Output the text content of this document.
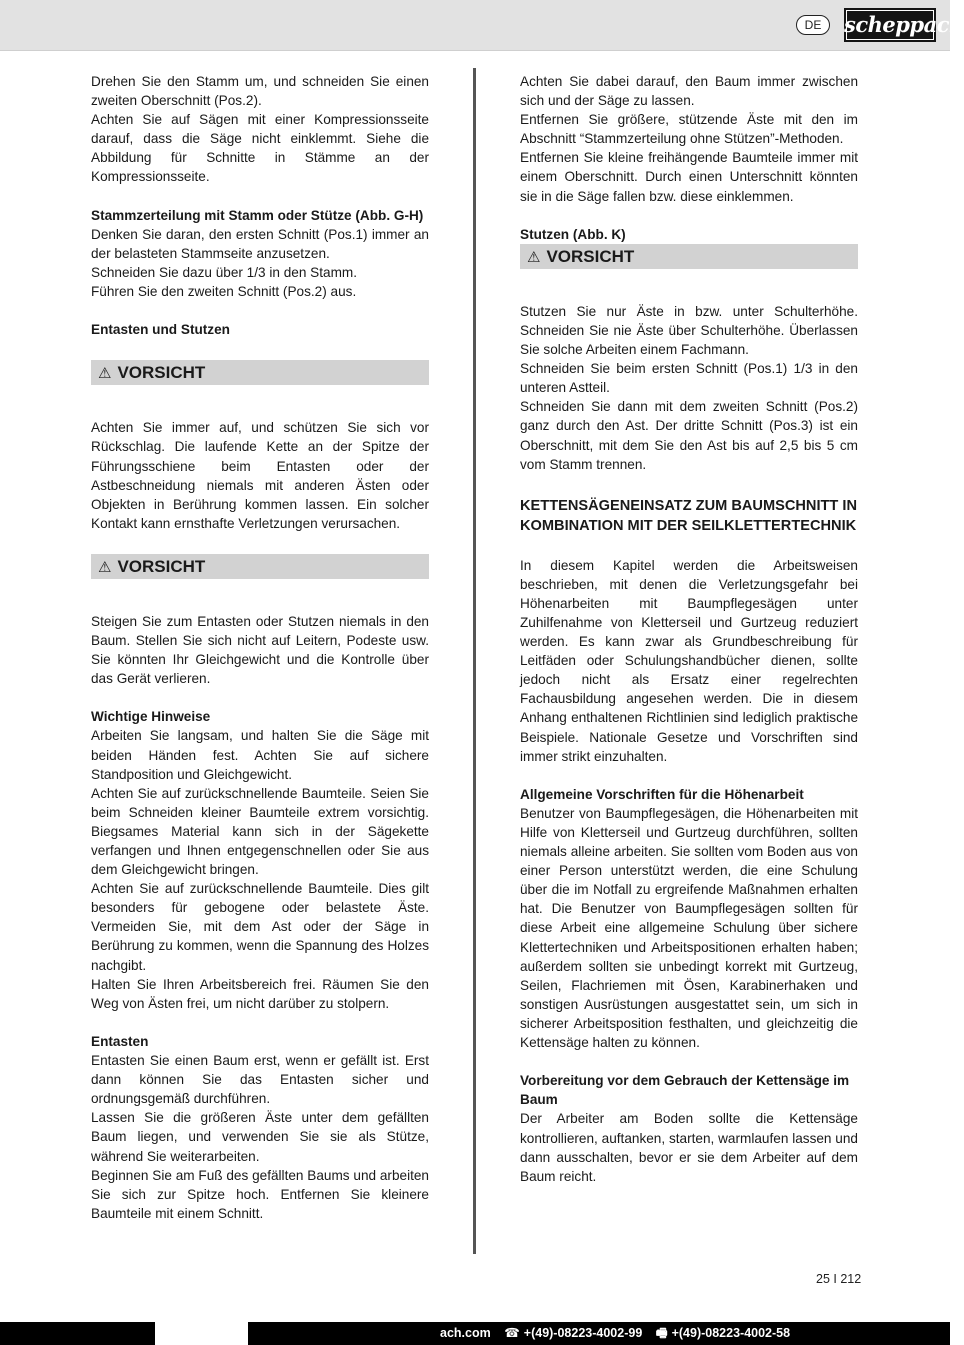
DE	scheppach

Drehen Sie den Stamm um, und schneiden Sie einen zweiten Oberschnitt (Pos.2).

Achten Sie auf Sägen mit einer Kompressionsseite darauf, dass die Säge nicht einklemmt. Siehe die Abbildung für Schnitte in Stämme an der Kompressionsseite.

Stammzerteilung mit Stamm oder Stütze (Abb. G-H)

Denken Sie daran, den ersten Schnitt (Pos.1) immer an der belasteten Stammseite anzusetzen.

Schneiden Sie dazu über 1/3 in den Stamm.

Führen Sie den zweiten Schnitt (Pos.2) aus.

Entasten und Stutzen

⚠ VORSICHT

Achten Sie immer auf, und schützen Sie sich vor Rückschlag. Die laufende Kette an der Spitze der Führungsschiene beim Entasten oder der Astbeschneidung niemals mit anderen Ästen oder Objekten in Berührung kommen lassen. Ein solcher Kontakt kann ernsthafte Verletzungen verursachen.

⚠ VORSICHT

Steigen Sie zum Entasten oder Stutzen niemals in den Baum. Stellen Sie sich nicht auf Leitern, Podeste usw. Sie könnten Ihr Gleichgewicht und die Kontrolle über das Gerät verlieren.

Wichtige Hinweise

Arbeiten Sie langsam, und halten Sie die Säge mit beiden Händen fest. Achten Sie auf sichere Standposition und Gleichgewicht.

Achten Sie auf zurückschnellende Baumteile. Seien Sie beim Schneiden kleiner Baumteile extrem vorsichtig. Biegsames Material kann sich in der Sägekette verfangen und Ihnen entgegenschnellen oder Sie aus dem Gleichgewicht bringen.

Achten Sie auf zurückschnellende Baumteile. Dies gilt besonders für gebogene oder belastete Äste. Vermeiden Sie, mit dem Ast oder der Säge in Berührung zu kommen, wenn die Spannung des Holzes nachgibt.

Halten Sie Ihren Arbeitsbereich frei. Räumen Sie den Weg von Ästen frei, um nicht darüber zu stolpern.

Entasten

Entasten Sie einen Baum erst, wenn er gefällt ist. Erst dann können Sie das Entasten sicher und ordnungsgemäß durchführen.

Lassen Sie die größeren Äste unter dem gefällten Baum liegen, und verwenden Sie sie als Stütze, während Sie weiterarbeiten.

Beginnen Sie am Fuß des gefällten Baums und arbeiten Sie sich zur Spitze hoch. Entfernen Sie kleinere Baumteile mit einem Schnitt.

Achten Sie dabei darauf, den Baum immer zwischen sich und der Säge zu lassen.

Entfernen Sie größere, stützende Äste mit den im Abschnitt “Stammzerteilung ohne Stützen”-Methoden.

Entfernen Sie kleine freihängende Baumteile immer mit einem Oberschnitt. Durch einen Unterschnitt könnten sie in die Säge fallen bzw. diese einklemmen.

Stutzen (Abb. K)

⚠ VORSICHT

Stutzen Sie nur Äste in bzw. unter Schulterhöhe. Schneiden Sie nie Äste über Schulterhöhe. Überlassen Sie solche Arbeiten einem Fachmann.

Schneiden Sie beim ersten Schnitt (Pos.1) 1/3 in den unteren Astteil.

Schneiden Sie dann mit dem zweiten Schnitt (Pos.2) ganz durch den Ast. Der dritte Schnitt (Pos.3) ist ein Oberschnitt, mit dem Sie den Ast bis auf 2,5 bis 5 cm vom Stamm trennen.

KETTENSÄGENEINSATZ ZUM BAUMSCHNITT IN KOMBINATION MIT DER SEILKLETTERTECHNIK

In diesem Kapitel werden die Arbeitsweisen beschrieben, mit denen die Verletzungsgefahr bei Höhenarbeiten mit Baumpflegesägen unter Zuhilfenahme von Kletterseil und Gurtzeug reduziert werden. Es kann zwar als Grundbeschreibung für Leitfäden oder Schulungshandbücher dienen, sollte jedoch nicht als Ersatz einer regelrechten Fachausbildung angesehen werden. Die in diesem Anhang enthaltenen Richtlinien sind lediglich praktische Beispiele. Nationale Gesetze und Vorschriften sind immer strikt einzuhalten.

Allgemeine Vorschriften für die Höhenarbeit

Benutzer von Baumpflegesägen, die Höhenarbeiten mit Hilfe von Kletterseil und Gurtzeug durchführen, sollten niemals alleine arbeiten. Sie sollten vom Boden aus von einer Person unterstützt werden, die eine Schulung über die im Notfall zu ergreifende Maßnahmen erhalten hat. Die Benutzer von Baumpflegesägen sollten für diese Arbeit eine allgemeine Schulung über sichere Klettertechniken und Arbeitspositionen erhalten haben; außerdem sollten sie unbedingt korrekt mit Gurtzeug, Seilen, Flachriemen mit Ösen, Karabinerhaken und sonstigen Ausrüstungen ausgestattet sein, um sich in sicherer Arbeitsposition festhalten, und gleichzeitig die Kettensäge halten zu können.

Vorbereitung vor dem Gebrauch der Kettensäge im Baum

Der Arbeiter am Boden sollte die Kettensäge kontrollieren, auftanken, starten, warmlaufen lassen und dann ausschalten, bevor er sie dem Arbeiter auf dem Baum reicht.

25 I 212
ach.com ☎ +(49)-08223-4002-99 🖷 +(49)-08223-4002-58
